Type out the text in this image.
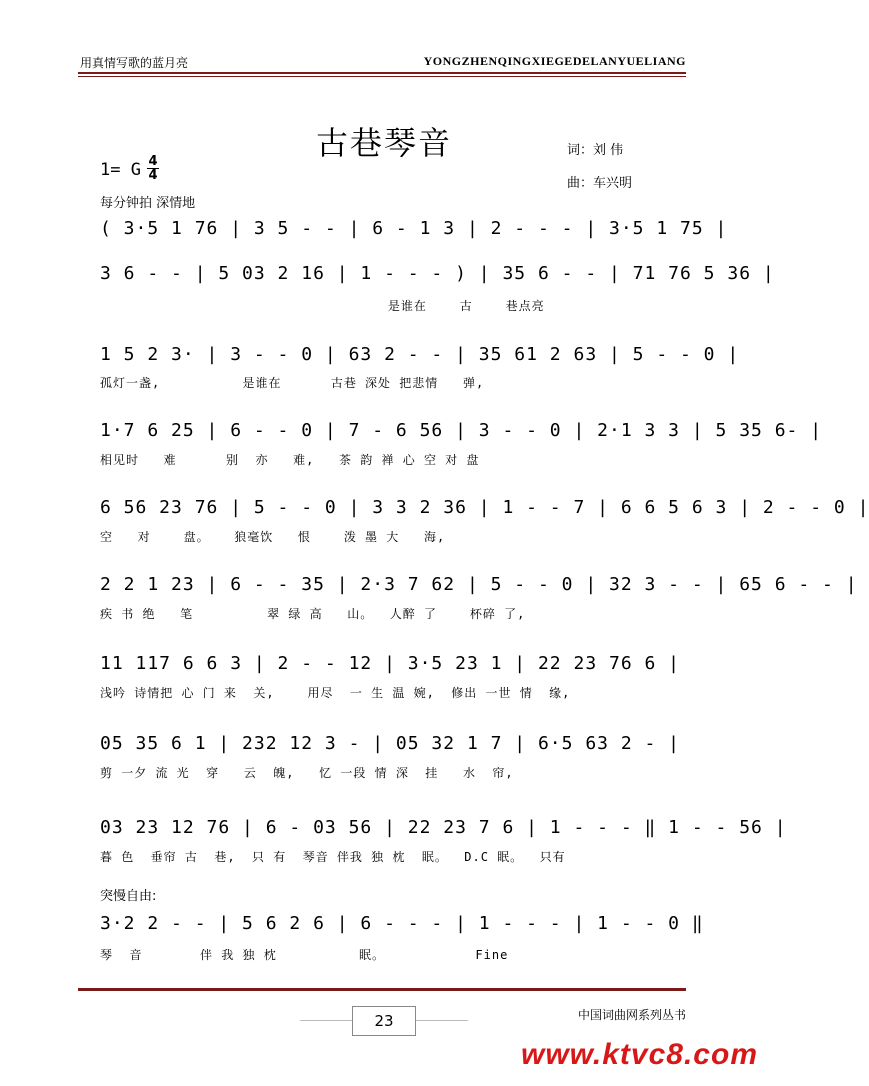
用真情写歌的蓝月亮	YONGZHENQINGXIEGEDELANYUELIANG
古巷琴音	词：刘 伟
曲：车兴明
1= G 4
4
每分钟拍 深情地
( 3·5 1 76 | 3 5 - - | 6 - 1 3 | 2 - - - | 3·5 1 75 |
3 6 - - | 5 03 2 16 | 1 - - - ) | 35 6 - - | 71 76 5 36 |
是谁在    古    巷点亮
1 5 2 3· | 3 - - 0 | 63 2 - - | 35 61 2 63 | 5 - - 0 |
孤灯一盏,          是谁在      古巷 深处 把悲情   弹,
1·7 6 25 | 6 - - 0 | 7 - 6 56 | 3 - - 0 | 2·1 3 3 | 5 35 6- |
相见时   难      别  亦   难,   茶 韵 禅 心 空 对 盘
6 56 23 76 | 5 - - 0 | 3 3 2 36 | 1 - - 7 | 6 6 5 6 3 | 2 - - 0 |
空   对    盘。   狼毫饮   恨    泼 墨 大   海,
2 2 1 23 | 6 - - 35 | 2·3 7 62 | 5 - - 0 | 32 3 - - | 65 6 - - |
疾 书 绝   笔         翠 绿 高   山。  人醉 了    杯碎 了,
11 117 6 6 3 | 2 - - 12 | 3·5 23 1 | 22 23 76 6 |
浅吟 诗情把 心 门 来  关,    用尽  一 生 温 婉,  修出 一世 情  缘,
05 35 6 1 | 232 12 3 - | 05 32 1 7 | 6·5 63 2 - |
剪 一夕 流 光  穿   云  魄,   忆 一段 情 深  挂   水  帘,
03 23 12 76 | 6 - 03 56 | 22 23 7 6 | 1 - - - ‖ 1 - - 56 |
暮 色  垂帘 古  巷,  只 有  琴音 伴我 独 枕  眠。  D.C 眠。  只有
突慢自由:
3·2 2 - - | 5 6 2 6 | 6 - - - | 1 - - - | 1 - - 0 ‖
琴  音       伴 我 独 枕          眠。           Fine
23	中国词曲网系列丛书
www.ktvc8.com
